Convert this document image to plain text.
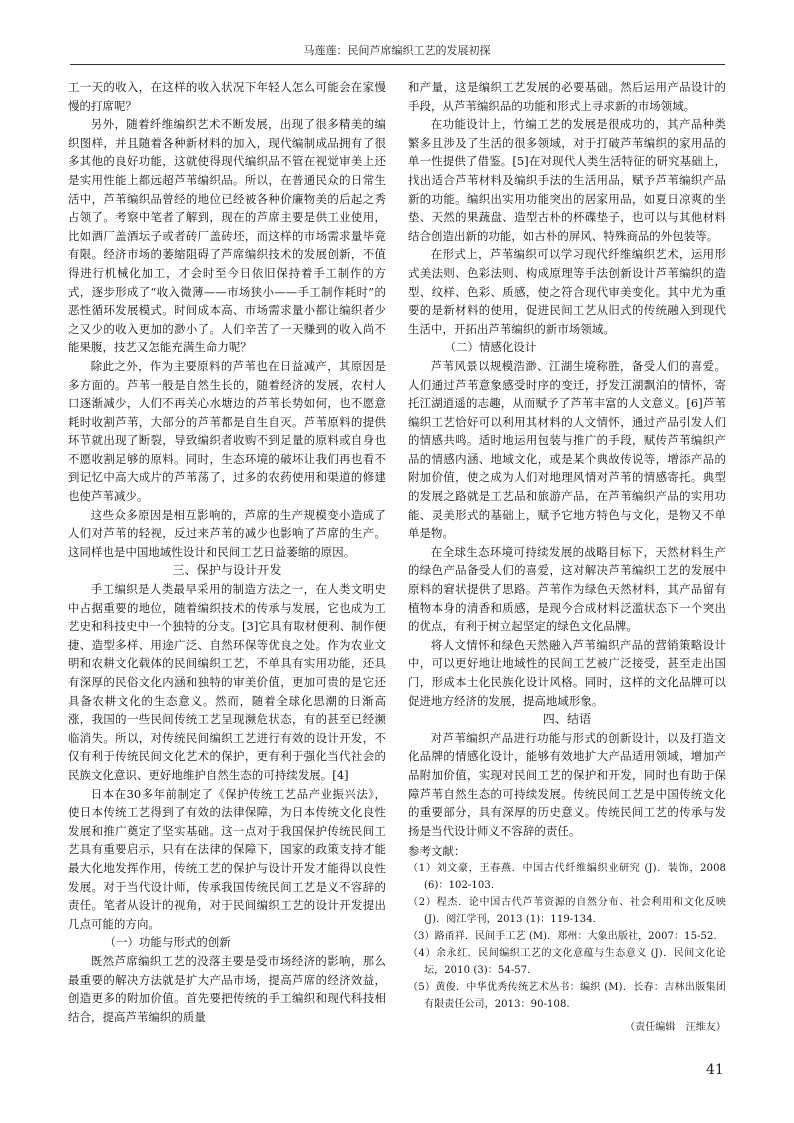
马莲莲：民间芦席编织工艺的发展初探

工一天的收入，在这样的收入状况下年轻人怎么可能会在家慢慢的打席呢？

另外，随着纤维编织艺术不断发展，出现了很多精美的编织图样，并且随着各种新材料的加入，现代编制成品拥有了很多其他的良好功能，这就使得现代编织品不管在视觉审美上还是实用性能上都远超芦苇编织品。所以，在普通民众的日常生活中，芦苇编织品曾经的地位已经被各种价廉物美的后起之秀占领了。考察中笔者了解到，现在的芦席主要是供工业使用，比如酒厂盖酒坛子或者砖厂盖砖坯，而这样的市场需求量毕竟有限。经济市场的萎缩阻碍了芦席编织技术的发展创新，不值得进行机械化加工，才会时至今日依旧保持着手工制作的方式，逐步形成了“收入微薄——市场狭小——手工制作耗时”的恶性循环发展模式。时间成本高、市场需求量小都让编织者少之又少的收入更加的渺小了。人们辛苦了一天赚到的收入尚不能果腹，技艺又怎能充满生命力呢？

除此之外，作为主要原料的芦苇也在日益减产，其原因是多方面的。芦苇一般是自然生长的，随着经济的发展，农村人口逐渐减少，人们不再关心水塘边的芦苇长势如何，也不愿意耗时收割芦苇，大部分的芦苇都是自生自灭。芦苇原料的提供环节就出现了断裂，导致编织者收购不到足量的原料或自身也不愿收割足够的原料。同时，生态环境的破坏让我们再也看不到记忆中高大成片的芦苇荡了，过多的农药使用和渠道的修建也使芦苇减少。

这些众多原因是相互影响的，芦席的生产规模变小造成了人们对芦苇的轻视，反过来芦苇的减少也影响了芦席的生产。这同样也是中国地域性设计和民间工艺日益萎缩的原因。

三、保护与设计开发

手工编织是人类最早采用的制造方法之一，在人类文明史中占据重要的地位，随着编织技术的传承与发展，它也成为工艺史和科技史中一个独特的分支。[3]它具有取材便利、制作便捷、造型多样、用途广泛、自然环保等优良之处。作为农业文明和农耕文化载体的民间编织工艺，不单具有实用功能，还具有深厚的民俗文化内涵和独特的审美价值，更加可贵的是它还具备农耕文化的生态意义。然而，随着全球化思潮的日渐高涨，我国的一些民间传统工艺呈现濒危状态，有的甚至已经濒临消失。所以，对传统民间编织工艺进行有效的设计开发，不仅有利于传统民间文化艺术的保护，更有利于强化当代社会的民族文化意识、更好地维护自然生态的可持续发展。[4]

日本在30多年前制定了《保护传统工艺品产业振兴法》，使日本传统工艺得到了有效的法律保障，为日本传统文化良性发展和推广奠定了坚实基础。这一点对于我国保护传统民间工艺具有重要启示，只有在法律的保障下，国家的政策支持才能最大化地发挥作用，传统工艺的保护与设计开发才能得以良性发展。对于当代设计师，传承我国传统民间工艺是义不容辞的责任。笔者从设计的视角，对于民间编织工艺的设计开发提出几点可能的方向。

（一）功能与形式的创新

既然芦席编织工艺的没落主要是受市场经济的影响，那么最重要的解决方法就是扩大产品市场，提高芦席的经济效益，创造更多的附加价值。首先要把传统的手工编织和现代科技相结合，提高芦苇编织的质量

和产量，这是编织工艺发展的必要基础。然后运用产品设计的手段，从芦苇编织品的功能和形式上寻求新的市场领域。

在功能设计上，竹编工艺的发展是很成功的，其产品种类繁多且涉及了生活的很多领域，对于打破芦苇编织的家用品的单一性提供了借鉴。[5]在对现代人类生活特征的研究基础上，找出适合芦苇材料及编织手法的生活用品，赋予芦苇编织产品新的功能。编织出实用功能突出的居家用品，如夏日凉爽的坐垫、天然的果蔬盘、造型古朴的杯碟垫子，也可以与其他材料结合创造出新的功能，如古朴的屏风、特殊商品的外包装等。

在形式上，芦苇编织可以学习现代纤维编织艺术，运用形式美法则、色彩法则、构成原理等手法创新设计芦苇编织的造型、纹样、色彩、质感，使之符合现代审美变化。其中尤为重要的是新材料的使用，促进民间工艺从旧式的传统融入到现代生活中，开拓出芦苇编织的新市场领域。

（二）情感化设计

芦苇风景以规模浩渺、江湖生境称胜，备受人们的喜爱。人们通过芦苇意象感受时序的变迁，抒发江湖飘泊的情怀，寄托江湖逍遥的志趣，从而赋予了芦苇丰富的人文意义。[6]芦苇编织工艺恰好可以利用其材料的人文情怀，通过产品引发人们的情感共鸣。适时地运用包装与推广的手段，赋传芦苇编织产品的情感内涵、地域文化，或是某个典故传说等，增添产品的附加价值，使之成为人们对地理风情对芦苇的情感寄托。典型的发展之路就是工艺品和旅游产品，在芦苇编织产品的实用功能、灵美形式的基础上，赋予它地方特色与文化，是物又不单单是物。

在全球生态环境可持续发展的战略目标下，天然材料生产的绿色产品备受人们的喜爱，这对解决芦苇编织工艺的发展中原料的窘状提供了思路。芦苇作为绿色天然材料，其产品留有植物本身的清香和质感，是现今合成材料泛滥状态下一个突出的优点，有利于树立起坚定的绿色文化品牌。

将人文情怀和绿色天然融入芦苇编织产品的营销策略设计中，可以更好地让地域性的民间工艺被广泛接受，甚至走出国门，形成本土化民族化设计风格。同时，这样的文化品牌可以促进地方经济的发展，提高地域形象。

四、结语

对芦苇编织产品进行功能与形式的创新设计，以及打造文化品牌的情感化设计，能够有效地扩大产品适用领域，增加产品附加价值，实现对民间工艺的保护和开发，同时也有助于保障芦苇自然生态的可持续发展。传统民间工艺是中国传统文化的重要部分，具有深厚的历史意义。传统民间工艺的传承与发扬是当代设计师义不容辞的责任。

参考文献：
（1）刘文豪，王春燕．中国古代纤维编织业研究 (J)．装饰，2008 (6)：102-103．
（2）程杰．论中国古代芦苇资源的自然分布、社会利用和文化反映 (J)．阅江学刊，2013 (1)：119-134．
（3）路甬祥．民间手工艺 (M)．郑州：大象出版社，2007：15-52．
（4）余永红．民间编织工艺的文化意蕴与生态意义 (J)．民间文化论坛，2010 (3)：54-57．
（5）黄俊．中华优秀传统艺术丛书：编织 (M)．长春：吉林出版集团有限责任公司，2013：90-108．
（责任编辑　汪维友）
41
